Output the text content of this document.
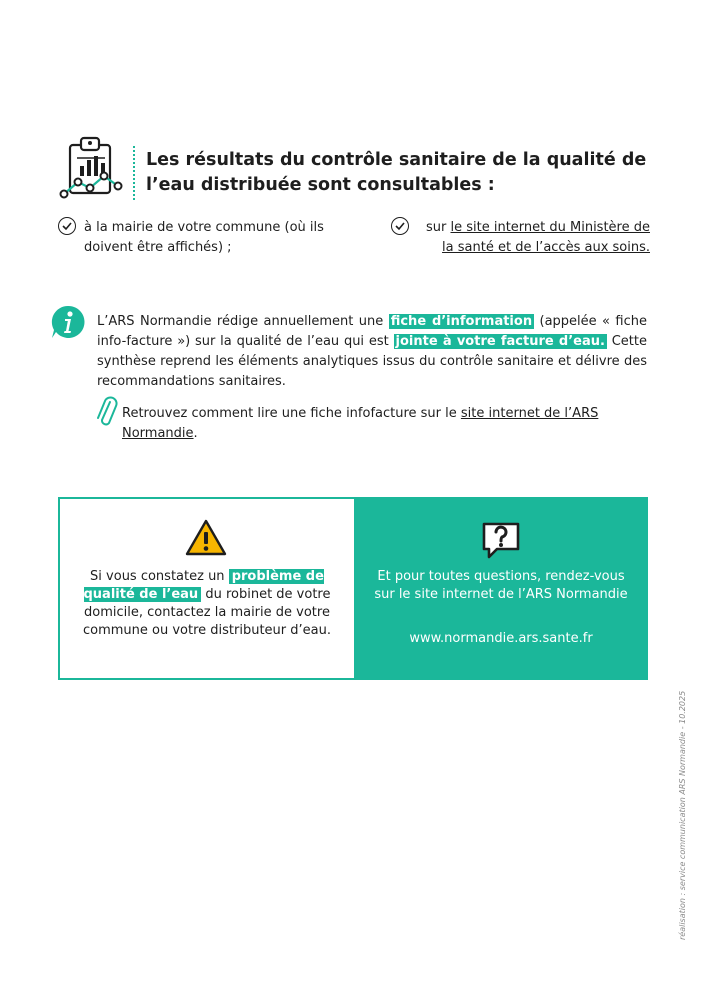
Les résultats du contrôle sanitaire de la qualité de l’eau distribuée sont consultables :
à la mairie de votre commune (où ils doivent être affichés) ;
sur le site internet du Ministère de la santé et de l’accès aux soins.
L’ARS Normandie rédige annuellement une fiche d’information (appelée « fiche info-facture ») sur la qualité de l’eau qui est jointe à votre facture d’eau. Cette synthèse reprend les éléments analytiques issus du contrôle sanitaire et délivre des recommandations sanitaires.
Retrouvez comment lire une fiche infofacture sur le site internet de l’ARS Normandie.
Si vous constatez un problème de qualité de l’eau du robinet de votre domicile, contactez la mairie de votre commune ou votre distributeur d’eau.
Et pour toutes questions, rendez-vous sur le site internet de l’ARS Normandie
www.normandie.ars.sante.fr
réalisation : service communication ARS Normandie - 10.2025
